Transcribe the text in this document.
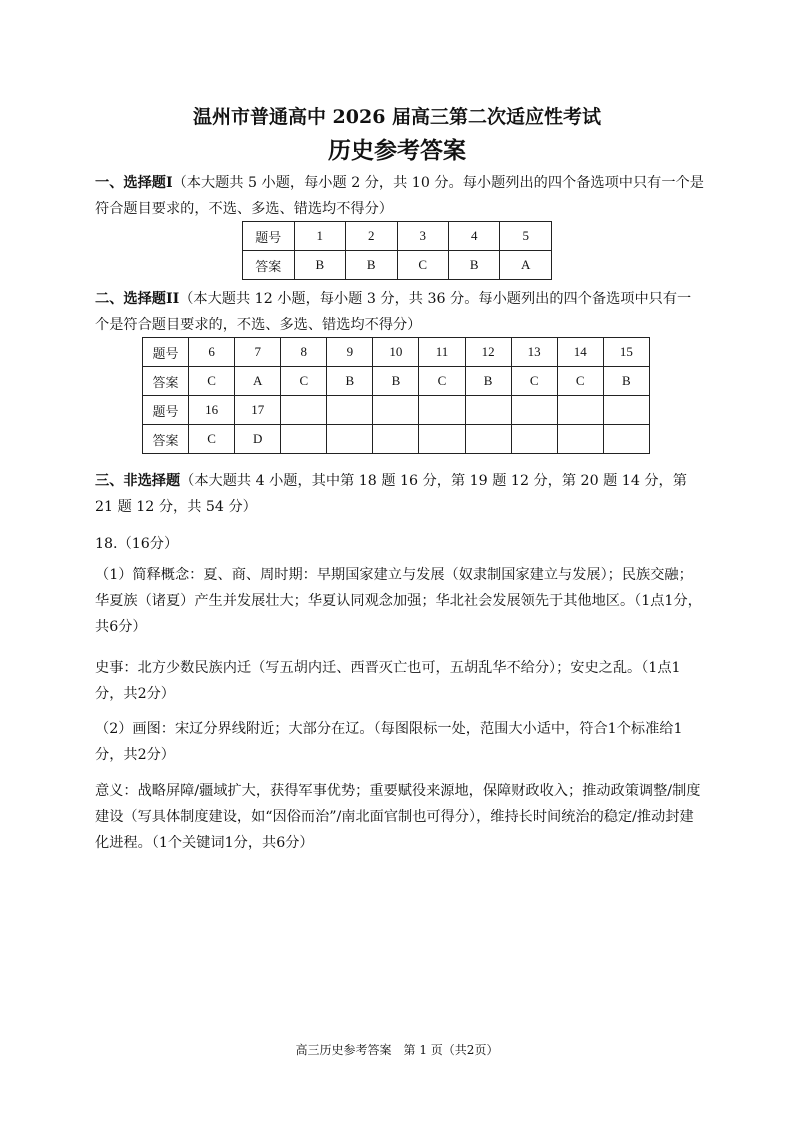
温州市普通高中 2026 届高三第二次适应性考试
历史参考答案

一、选择题I（本大题共 5 小题，每小题 2 分，共 10 分。每小题列出的四个备选项中只有一个是符合题目要求的，不选、多选、错选均不得分）

题号	1	2	3	4	5
答案	B	B	C	B	A

二、选择题II（本大题共 12 小题，每小题 3 分，共 36 分。每小题列出的四个备选项中只有一个是符合题目要求的，不选、多选、错选均不得分）

题号	6	7	8	9	10	11	12	13	14	15
答案	C	A	C	B	B	C	B	C	C	B
题号	16	17								
答案	C	D								

三、非选择题（本大题共 4 小题，其中第 18 题 16 分，第 19 题 12 分，第 20 题 14 分，第 21 题 12 分，共 54 分）

18.（16分）

（1）简释概念：夏、商、周时期：早期国家建立与发展（奴隶制国家建立与发展）；民族交融；华夏族（诸夏）产生并发展壮大；华夏认同观念加强；华北社会发展领先于其他地区。（1点1分，共6分）

史事：北方少数民族内迁（写五胡内迁、西晋灭亡也可，五胡乱华不给分）；安史之乱。（1点1分，共2分）

（2）画图：宋辽分界线附近；大部分在辽。（每图限标一处，范围大小适中，符合1个标准给1分，共2分）

意义：战略屏障/疆域扩大，获得军事优势；重要赋役来源地，保障财政收入；推动政策调整/制度建设（写具体制度建设，如“因俗而治”/南北面官制也可得分），维持长时间统治的稳定/推动封建化进程。（1个关键词1分，共6分）

高三历史参考答案　第 1 页（共2页）
